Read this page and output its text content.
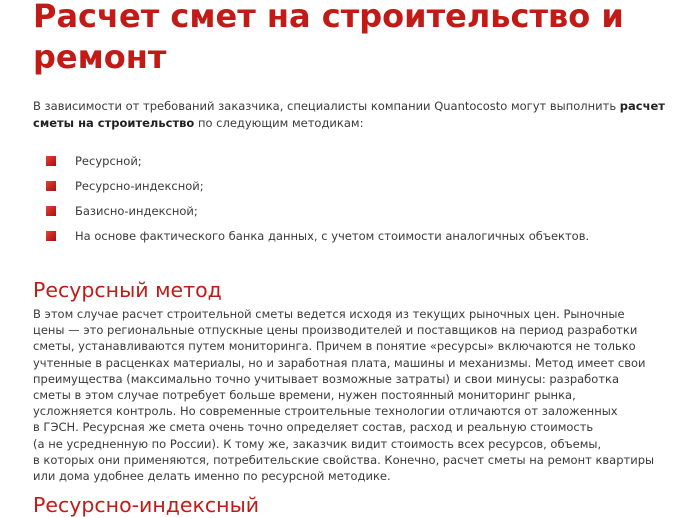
Расчет смет на строительство и ремонт

В зависимости от требований заказчика, специалисты компании Quantocosto могут выполнить расчет сметы на строительство по следующим методикам:

Ресурсной;
Ресурсно-индексной;
Базисно-индексной;
На основе фактического банка данных, с учетом стоимости аналогичных объектов.
Ресурсный метод

В этом случае расчет строительной сметы ведется исходя из текущих рыночных цен. Рыночные
цены — это региональные отпускные цены производителей и поставщиков на период разработки
сметы, устанавливаются путем мониторинга. Причем в понятие «ресурсы» включаются не только
учтенные в расценках материалы, но и заработная плата, машины и механизмы. Метод имеет свои
преимущества (максимально точно учитывает возможные затраты) и свои минусы: разработка
сметы в этом случае потребует больше времени, нужен постоянный мониторинг рынка,
усложняется контроль. Но современные строительные технологии отличаются от заложенных
в ГЭСН. Ресурсная же смета очень точно определяет состав, расход и реальную стоимость
(а не усредненную по России). К тому же, заказчик видит стоимость всех ресурсов, объемы,
в которых они применяются, потребительские свойства. Конечно, расчет сметы на ремонт квартиры
или дома удобнее делать именно по ресурсной методике.

Ресурсно-индексный
